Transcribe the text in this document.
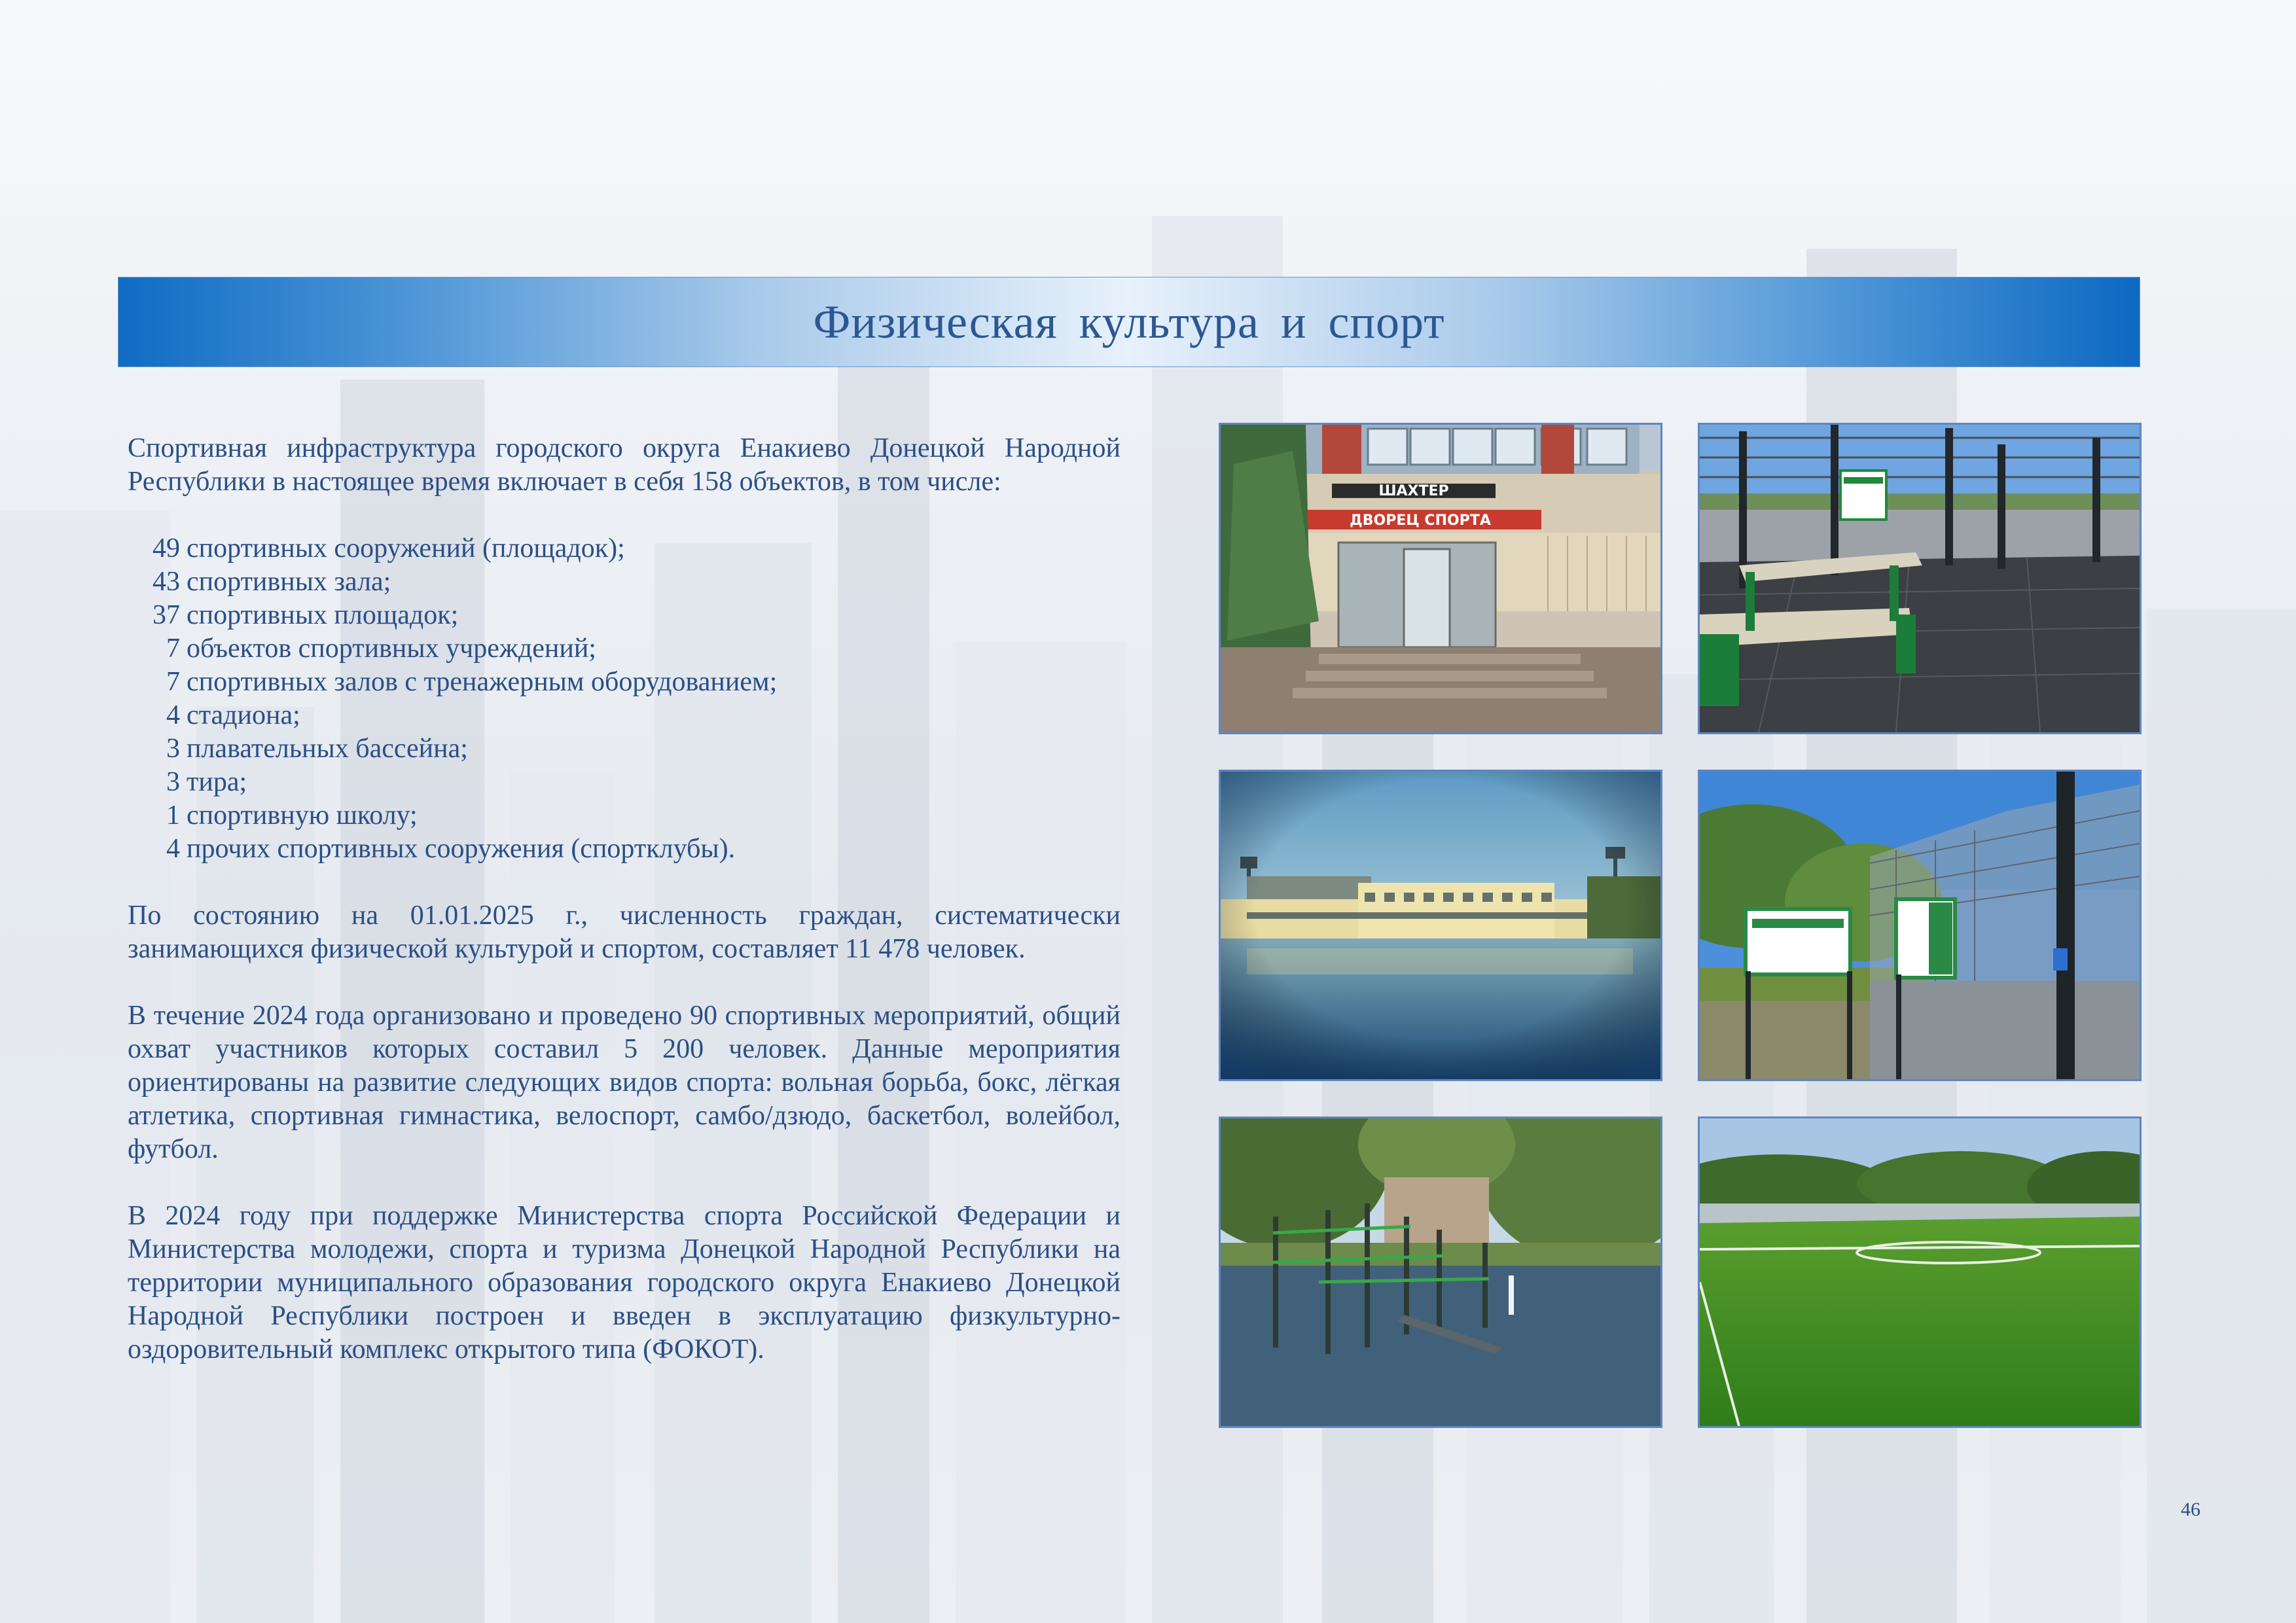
Физическая культура и спорт

Спортивная инфраструктура городского округа Енакиево Донецкой Народной Республики в настоящее время включает в себя 158 объектов, в том числе:

49 спортивных сооружений (площадок);
43 спортивных зала;
37 спортивных площадок;
7 объектов спортивных учреждений;
7 спортивных залов с тренажерным оборудованием;
4 стадиона;
3 плавательных бассейна;
3 тира;
1 спортивную школу;
4 прочих спортивных сооружения (спортклубы).

По состоянию на 01.01.2025 г., численность граждан, систематически занимающихся физической культурой и спортом, составляет 11 478 человек.

В течение 2024 года организовано и проведено 90 спортивных мероприятий, общий охват участников которых составил 5 200 человек. Данные мероприятия ориентированы на развитие следующих видов спорта: вольная борьба, бокс, лёгкая атлетика, спортивная гимнастика, велоспорт, самбо/дзюдо, баскетбол, волейбол, футбол.

В 2024 году при поддержке Министерства спорта Российской Федерации и Министерства молодежи, спорта и туризма Донецкой Народной Республики на территории муниципального образования городского округа Енакиево Донецкой Народной Республики построен и введен в эксплуатацию физкультурно-оздоровительный комплекс открытого типа (ФОКОТ).

ШАХТЕР
ДВОРЕЦ СПОРТА
46
